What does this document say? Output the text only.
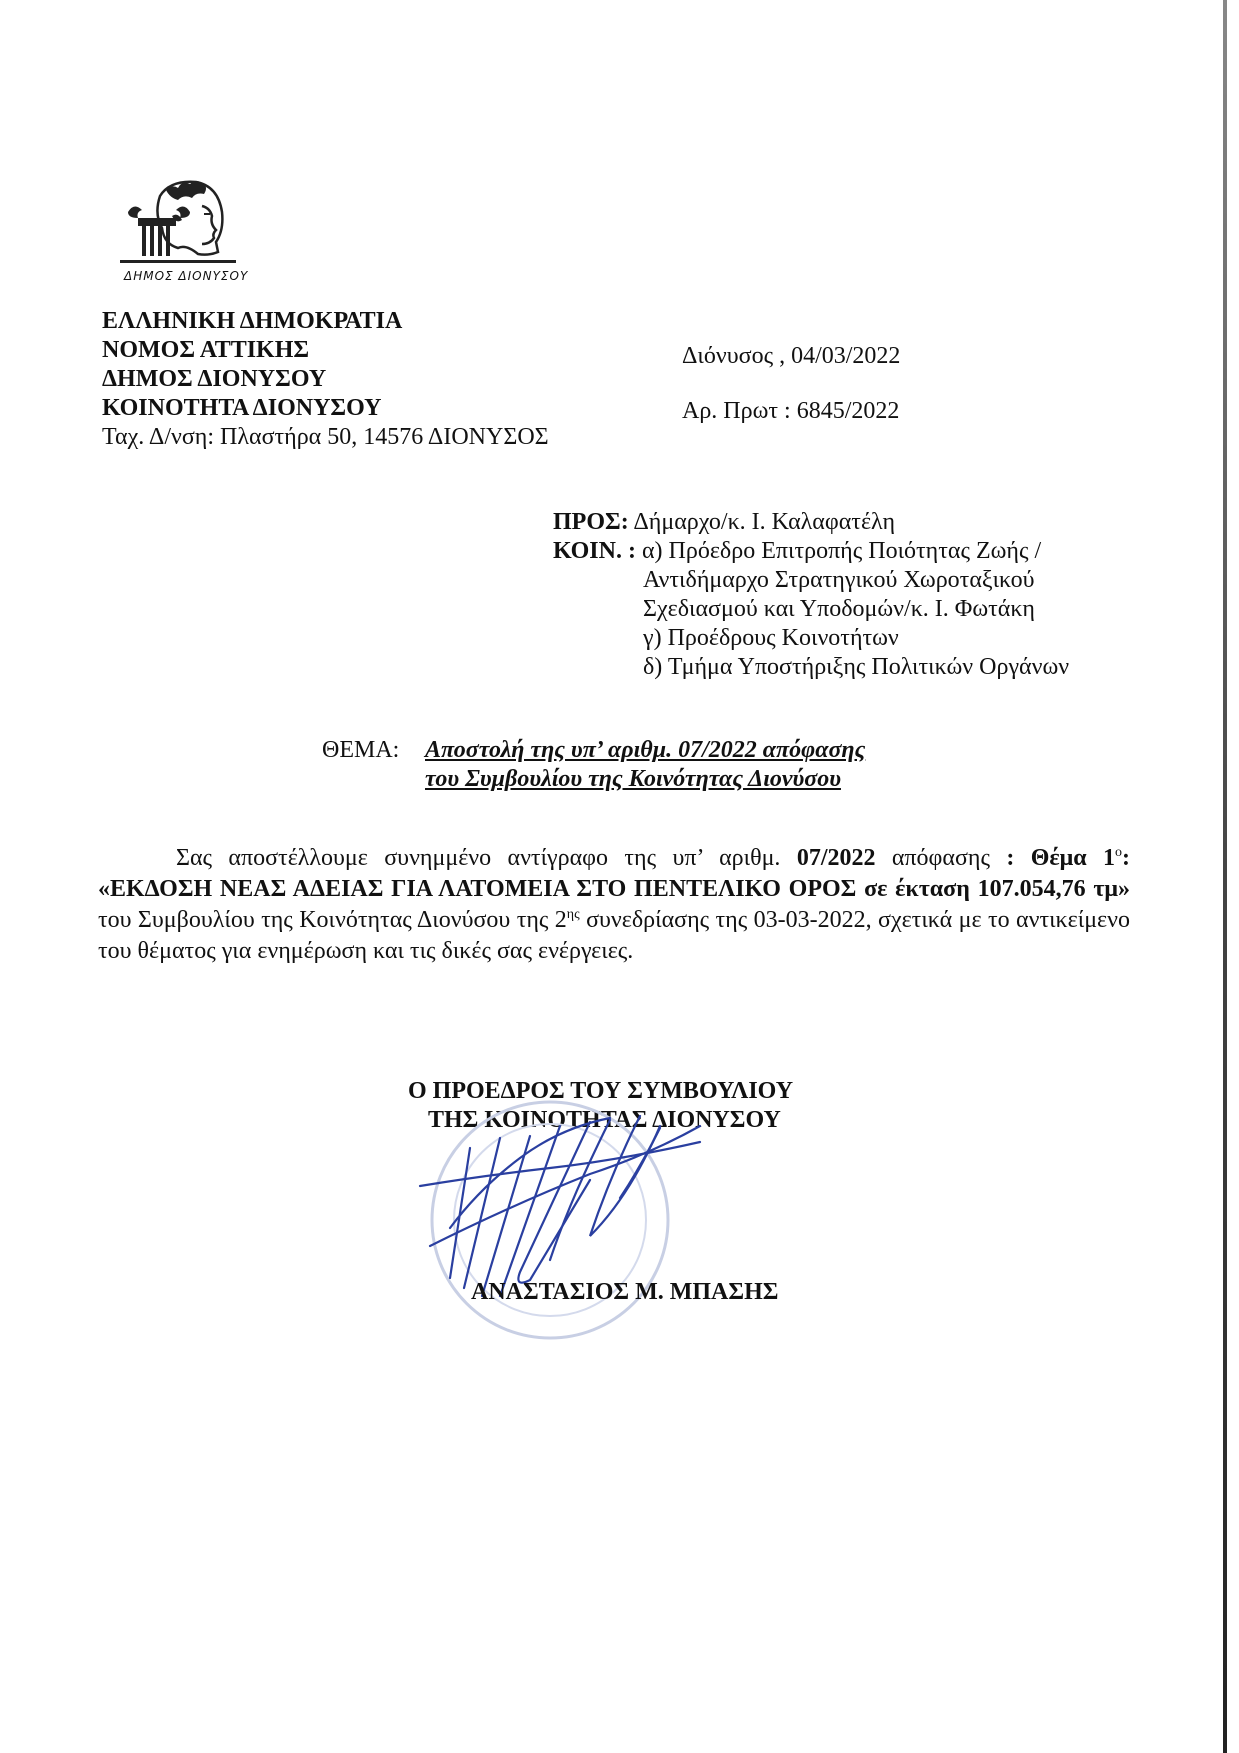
ΔΗΜΟΣ ΔΙΟΝΥΣΟΥ
ΕΛΛΗΝΙΚΗ ΔΗΜΟΚΡΑΤΙΑ
ΝΟΜΟΣ ΑΤΤΙΚΗΣ
ΔΗΜΟΣ ΔΙΟΝΥΣΟΥ
ΚΟΙΝΟΤΗΤΑ ΔΙΟΝΥΣΟΥ
Ταχ. Δ/νση: Πλαστήρα 50, 14576 ΔΙΟΝΥΣΟΣ
Διόνυσος , 04/03/2022
Αρ. Πρωτ : 6845/2022
ΠΡΟΣ: Δήμαρχο/κ. Ι. Καλαφατέλη
ΚΟΙΝ. : α) Πρόεδρο Επιτροπής Ποιότητας Ζωής /
Αντιδήμαρχο Στρατηγικού Χωροταξικού
Σχεδιασμού και Υποδομών/κ. Ι. Φωτάκη
γ) Προέδρους Κοινοτήτων
δ) Τμήμα Υποστήριξης Πολιτικών Οργάνων
ΘΕΜΑ: Αποστολή της υπ’ αριθμ. 07/2022 απόφασης
του Συμβουλίου της Κοινότητας Διονύσου
Σας αποστέλλουμε συνημμένο αντίγραφο της υπ’ αριθμ. 07/2022 απόφασης : Θέμα $1^o$: «ΕΚΔΟΣΗ ΝΕΑΣ ΑΔΕΙΑΣ ΓΙΑ ΛΑΤΟΜΕΙΑ ΣΤΟ ΠΕΝΤΕΛΙΚΟ ΟΡΟΣ σε έκταση 107.054,76 τμ» του Συμβουλίου της Κοινότητας Διονύσου της $2^{\eta\varsigma}$ συνεδρίασης της 03-03-2022, σχετικά με το αντικείμενο του θέματος για ενημέρωση και τις δικές σας ενέργειες.
Ο ΠΡΟΕΔΡΟΣ ΤΟΥ ΣΥΜΒΟΥΛΙΟΥ
ΤΗΣ ΚΟΙΝΟΤΗΤΑΣ ΔΙΟΝΥΣΟΥ
ΑΝΑΣΤΑΣΙΟΣ Μ. ΜΠΑΣΗΣ
